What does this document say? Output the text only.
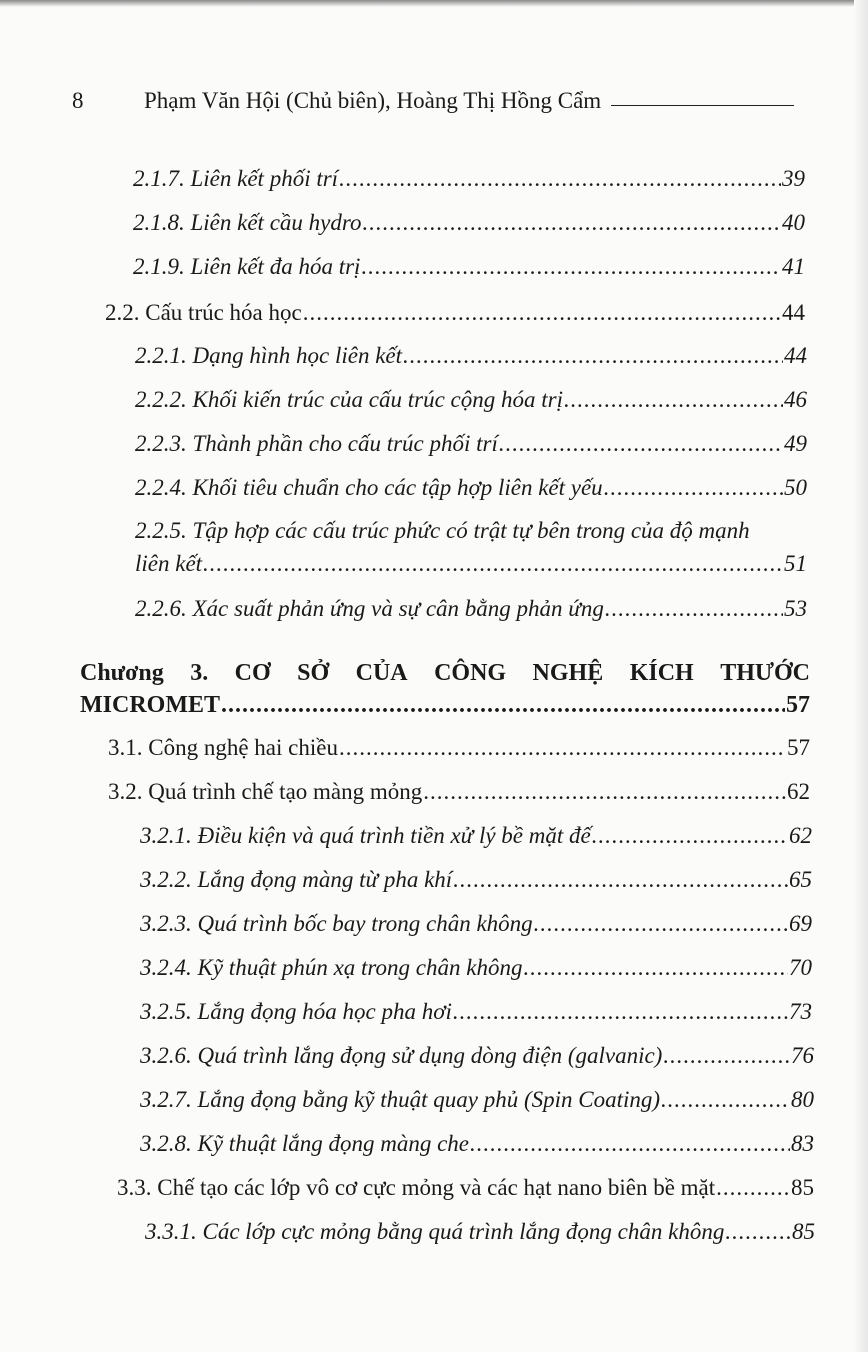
8	Phạm Văn Hội (Chủ biên), Hoàng Thị Hồng Cẩm
2.1.7. Liên kết phối trí .....	39
2.1.8. Liên kết cầu hydro .....	40
2.1.9. Liên kết đa hóa trị .....	41
2.2. Cấu trúc hóa học .....	44
2.2.1. Dạng hình học liên kết .....	44
2.2.2. Khối kiến trúc của cấu trúc cộng hóa trị .....	46
2.2.3. Thành phần cho cấu trúc phối trí .....	49
2.2.4. Khối tiêu chuẩn cho các tập hợp liên kết yếu .....	50
2.2.5. Tập hợp các cấu trúc phức có trật tự bên trong của độ mạnh
liên kết .....	51
2.2.6. Xác suất phản ứng và sự cân bằng phản ứng .....	53
Chương 3. CƠ SỞ CỦA CÔNG NGHỆ KÍCH THƯỚC
MICROMET .....	57
3.1. Công nghệ hai chiều .....	57
3.2. Quá trình chế tạo màng mỏng .....	62
3.2.1. Điều kiện và quá trình tiền xử lý bề mặt đế .....	62
3.2.2. Lắng đọng màng từ pha khí .....	65
3.2.3. Quá trình bốc bay trong chân không .....	69
3.2.4. Kỹ thuật phún xạ trong chân không .....	70
3.2.5. Lắng đọng hóa học pha hơi .....	73
3.2.6. Quá trình lắng đọng sử dụng dòng điện (galvanic) .....	76
3.2.7. Lắng đọng bằng kỹ thuật quay phủ (Spin Coating) .....	80
3.2.8. Kỹ thuật lắng đọng màng che .....	83
3.3. Chế tạo các lớp vô cơ cực mỏng và các hạt nano biên bề mặt .....	85
3.3.1. Các lớp cực mỏng bằng quá trình lắng đọng chân không .....	85
